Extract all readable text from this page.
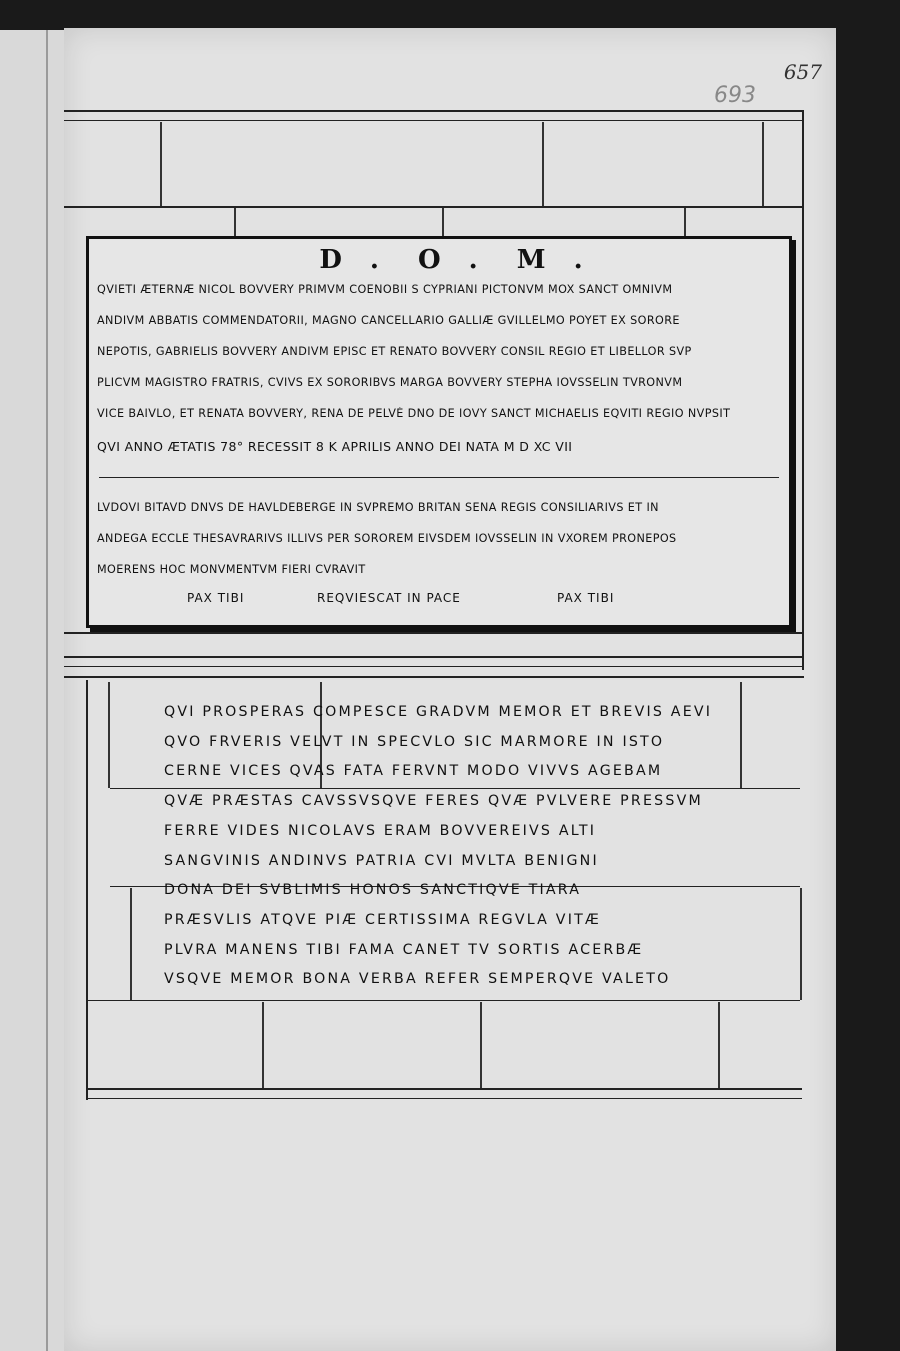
657
693
D . O . M .
QVIETI ÆTERNÆ NICOL BOVVERY PRIMVM COENOBII S CYPRIANI PICTONVM MOX SANCT OMNIVM
ANDIVM ABBATIS COMMENDATORII, MAGNO CANCELLARIO GALLIÆ GVILLELMO POYET EX SORORE
NEPOTIS, GABRIELIS BOVVERY ANDIVM EPISC ET RENATO BOVVERY CONSIL REGIO ET LIBELLOR SVP
PLICVM MAGISTRO FRATRIS, CVIVS EX SORORIBVS MARGA BOVVERY STEPHA IOVSSELIN TVRONVM
VICE BAIVLO, ET RENATA BOVVERY, RENA DE PELVÉ DNO DE IOVY SANCT MICHAELIS EQVITI REGIO NVPSIT
QVI ANNO ÆTATIS 78° RECESSIT 8 K APRILIS ANNO DEI NATA M D XC VII
LVDOVI BITAVD DNVS DE HAVLDEBERGE IN SVPREMO BRITAN SENA REGIS CONSILIARIVS ET IN
ANDEGA ECCLE THESAVRARIVS ILLIVS PER SOROREM EIVSDEM IOVSSELIN IN VXOREM PRONEPOS
MOERENS HOC MONVMENTVM FIERI CVRAVIT
PAX TIBI	REQVIESCAT IN PACE	PAX TIBI
QVI PROSPERAS COMPESCE GRADVM MEMOR ET BREVIS AEVI
QVO FRVERIS VELVT IN SPECVLO SIC MARMORE IN ISTO
CERNE VICES QVAS FATA FERVNT MODO VIVVS AGEBAM
QVÆ PRÆSTAS CAVSSVSQVE FERES QVÆ PVLVERE PRESSVM
FERRE VIDES NICOLAVS ERAM BOVVEREIVS ALTI
SANGVINIS ANDINVS PATRIA CVI MVLTA BENIGNI
DONA DEI SVBLIMIS HONOS SANCTIQVE TIARA
PRÆSVLIS ATQVE PIÆ CERTISSIMA REGVLA VITÆ
PLVRA MANENS TIBI FAMA CANET TV SORTIS ACERBÆ
VSQVE MEMOR BONA VERBA REFER SEMPERQVE VALETO
